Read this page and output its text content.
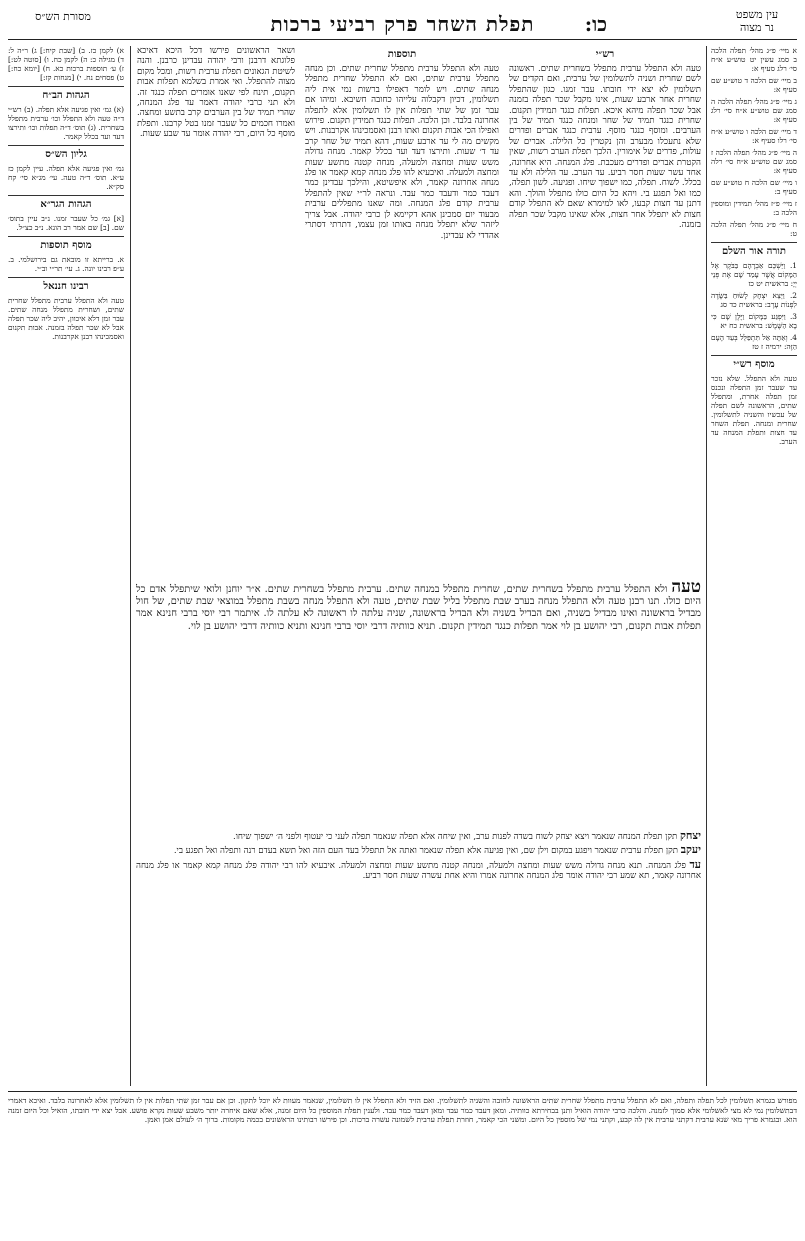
עין משפט
נר מצוה
כו:
תפלת השחר פרק רביעי ברכות
מסורת הש״ס

א מיי׳ פ״ג מהל׳ תפלה הלכה ב סמג עשין יט טוש״ע א״ח סי׳ רלג סעיף א:

ב מיי׳ שם הלכה ד טוש״ע שם סעיף א:

ג מיי׳ פ״ג מהל׳ תפלה הלכה ה סמג שם טוש״ע א״ח סי׳ רלג סעיף א:

ד מיי׳ שם הלכה ו טוש״ע א״ח סי׳ רלו סעיף א:

ה מיי׳ פ״ג מהל׳ תפלה הלכה ז סמג שם טוש״ע א״ח סי׳ רלה סעיף א:

ו מיי׳ שם הלכה ח טוש״ע שם סעיף ב:

ז מיי׳ פ״ז מהל׳ תמידין ומוספין הלכה ב:

ח מיי׳ פ״ג מהל׳ תפלה הלכה ט:

תורה אור השלם

1. וַיַּשְׁכֵּם אַבְרָהָם בַּבֹּקֶר אֶל הַמָּקוֹם אֲשֶׁר עָמַד שָׁם אֶת פְּנֵי יְיָ: בראשית יט כז

2. וַיֵּצֵא יִצְחָק לָשׂוּחַ בַּשָּׂדֶה לִפְנוֹת עָרֶב: בראשית כד סג

3. וַיִּפְגַּע בַּמָּקוֹם וַיָּלֶן שָׁם כִּי בָא הַשֶּׁמֶשׁ: בראשית כח יא

4. וְאַתָּה אַל תִּתְפַּלֵּל בְּעַד הָעָם הַזֶּה: ירמיה ז טז

מוסף רש״י

טעה ולא התפלל. שלא נזכר עד שעבר זמן התפלה ונכנס זמן תפלה אחרת, ומתפלל שתים, הראשונה לשם תפלה של עכשיו והשניה לתשלומין. שחרית ומנחה. תפלת השחר עד חצות ותפלת המנחה עד הערב.

רש״י

טעה ולא התפלל ערבית מתפלל בשחרית שתים. ראשונה לשם שחרית ושניה לתשלומין של ערבית, ואם הקדים של תשלומין לא יצא ידי חובתו. עבר זמנו. כגון שהתפלל שחרית אחר ארבע שעות, אינו מקבל שכר תפלה בזמנה אבל שכר תפלה מיהא איכא. תפלות כנגד תמידין תקנום. שחרית כנגד תמיד של שחר ומנחה כנגד תמיד של בין הערבים. ומוסף כנגד מוסף. ערבית כנגד אברים ופדרים שלא נתעכלו מבערב והן נקטרין כל הלילה. אברים של עולות, פדרים של אימורין. הלכך תפלת הערב רשות, שאין הקטרת אברים ופדרים מעכבת. פלג המנחה. היא אחרונה, אחד עשר שעות חסר רביע. עד הערב. עד הלילה ולא עד בכלל. לשוח. תפלה, כמו ישפוך שיחו. ופגיעה. לשון תפלה, כמו ואל תפגע בי. ויהא כל היום כולו מתפלל והולך. והא דתנן עד חצות קבעו, לאו למימרא שאם לא התפלל קודם חצות לא יתפלל אחר חצות, אלא שאינו מקבל שכר תפלה בזמנה.

תוספות

טעה ולא התפלל ערבית מתפלל שחרית שתים. וכן מנחה מתפלל ערבית שתים, ואם לא התפלל שחרית מתפלל מנחה שתים. ויש לומר דאפילו ברשות נמי אית ליה תשלומין, דכיון דקבלוה עלייהו כחובה חשיבא. ומיהו אם עבר זמן של שתי תפלות אין לו תשלומין אלא לתפלה אחרונה בלבד. וכן הלכה. תפלות כנגד תמידין תקנום. פירוש ואפילו הכי אבות תקנום ואתו רבנן ואסמכינהו אקרבנות. ויש מקשים מה לי עד ארבע שעות, דהא תמיד של שחר קרב עד ד׳ שעות. ותירצו דעד ועד בכלל קאמר. מנחה גדולה משש שעות ומחצה ולמעלה, מנחה קטנה מתשע שעות ומחצה ולמעלה. ואיבעיא להו פלג מנחה קמא קאמר או פלג מנחה אחרונה קאמר, ולא איפשיטא, והילכך עבדינן כמר דעבד כמר ודעבד כמר עבד. ונראה לר״י שאין להתפלל ערבית קודם פלג המנחה. ומה שאנו מתפללים ערבית מבעוד יום סמכינן אהא דקיימא לן כרבי יהודה. אבל צריך ליזהר שלא יתפלל מנחה באותו זמן עצמו, דתרתי דסתרי אהדדי לא עבדינן.

ושאר הראשונים פירשו דכל היכא דאיכא פלוגתא דרבנן ורבי יהודה עבדינן כרבנן. והנה לשיטת הגאונים תפלת ערבית רשות, ומכל מקום מצוה להתפלל. ואי אמרת בשלמא תפלות אבות תקנום, תינח לפי שאנו אומרים תפלה כנגד זה. ולא תני כרבי יהודה דאמר עד פלג המנחה, שהרי תמיד של בין הערבים קרב בתשע ומחצה. ואמרו חכמים כל שעבר זמנו בטל קרבנו. ותפלת מוסף כל היום, רבי יהודה אומר עד שבע שעות.

טעה ולא התפלל ערבית מתפלל בשחרית שתים, שחרית מתפלל במנחה שתים. ערבית מתפלל בשחרית שתים. א״ר יוחנן ולואי שיתפלל אדם כל היום כולו. תנו רבנן טעה ולא התפלל מנחה בערב שבת מתפלל בליל שבת שתים, טעה ולא התפלל מנחה בשבת מתפלל במוצאי שבת שתים, של חול מבדיל בראשונה ואינו מבדיל בשניה, ואם הבדיל בשניה ולא הבדיל בראשונה, שניה עלתה לו ראשונה לא עלתה לו. איתמר רבי יוסי ברבי חנינא אמר תפלות אבות תקנום, רבי יהושע בן לוי אמר תפלות כנגד תמידין תקנום. תניא כוותיה דרבי יוסי ברבי חנינא ותניא כוותיה דרבי יהושע בן לוי.

יצחק תקן תפלת המנחה שנאמר ויצא יצחק לשוח בשדה לפנות ערב, ואין שיחה אלא תפלה שנאמר תפלה לעני כי יעטוף ולפני ה׳ ישפוך שיחו.

יעקב תקן תפלת ערבית שנאמר ויפגע במקום וילן שם, ואין פגיעה אלא תפלה שנאמר ואתה אל תתפלל בעד העם הזה ואל תשא בעדם רנה ותפלה ואל תפגע בי.

עד פלג המנחה. תנא מנחה גדולה משש שעות ומחצה ולמעלה, ומנחה קטנה מתשע שעות ומחצה ולמעלה. איבעיא להו רבי יהודה פלג מנחה קמא קאמר או פלג מנחה אחרונה קאמר, תא שמע רבי יהודה אומר פלג המנחה אחרונה אמרו והיא אחת עשרה שעות חסר רביע.

א) לקמן כז. ב) [שבת קיח:] ג) ר״ה ל: ד) מגילה כ: ה) לקמן כח. ו) [סוטה לט:] ז) ע׳ תוספות ברכות כא. ח) [יומא כח:] ט) פסחים נח. י) [מנחות קז:]

הגהות הב״ח

(א) גמ׳ ואין פגיעה אלא תפלה. (ב) רש״י ד״ה טעה ולא התפלל וכו׳ ערבית מתפלל בשחרית. (ג) תוס׳ ד״ה תפלות וכו׳ ותירצו דעד ועד בכלל קאמר.

גליון הש״ס

גמ׳ ואין פגיעה אלא תפלה. עיין לקמן כז ע״א. תוס׳ ד״ה טעה. עי׳ מג״א סי׳ קח סק״א.

הגהות הגר״א

[א] גמ׳ כל שעבר זמנו. נ״ב עיין בתוס׳ שם. [ב] שם אמר רב הונא. נ״ב כצ״ל.

מוסף תוספות

א. ברייתא זו מובאת גם בירושלמי. ב. ע״פ רבינו יונה. ג. עי׳ תר״י וב״י.

רבינו חננאל

טעה ולא התפלל ערבית מתפלל שחרית שתים, ושחרית מתפלל מנחה שתים. עבר זמן דלא איכוון, יהיב ליה שכר תפלה אבל לא שכר תפלה בזמנה. אבות תקנום ואסמכינהו רבנן אקרבנות.

מפורש בגמרא תשלומין לכל תפלה ותפלה, ואם לא התפלל ערבית מתפלל שחרית שתים הראשונה לחובה והשניה לתשלומין. ואם הזיד ולא התפלל אין לו תשלומין, שנאמר מעוות לא יוכל לתקון. וכן אם עבר זמן שתי תפלות אין לו תשלומין אלא לאחרונה בלבד. ואיכא דאמרי דבתשלומין נמי לא מצי לאשלומי אלא סמוך לזמנה. והלכה כרבי יהודה הואיל ותנן בבחירתא כוותיה. ומאן דעבד כמר עבד ומאן דעבד כמר עבד. ולענין תפלת המוספין כל היום זמנה, אלא שאם איחרה יותר משבע שעות נקרא פושע. אבל יצא ידי חובתו, הואיל וכל היום זמנה הוא. ובגמרא פריך מאי שנא ערבית דקתני ערבית אין לה קבע, וקתני נמי של מוספין כל היום. ומשני הכי קאמר, חוזרת תפלת ערבית לשמונה עשרה ברכות. וכן פירשו רבותינו הראשונים בכמה מקומות. ברוך ה׳ לעולם אמן ואמן.
